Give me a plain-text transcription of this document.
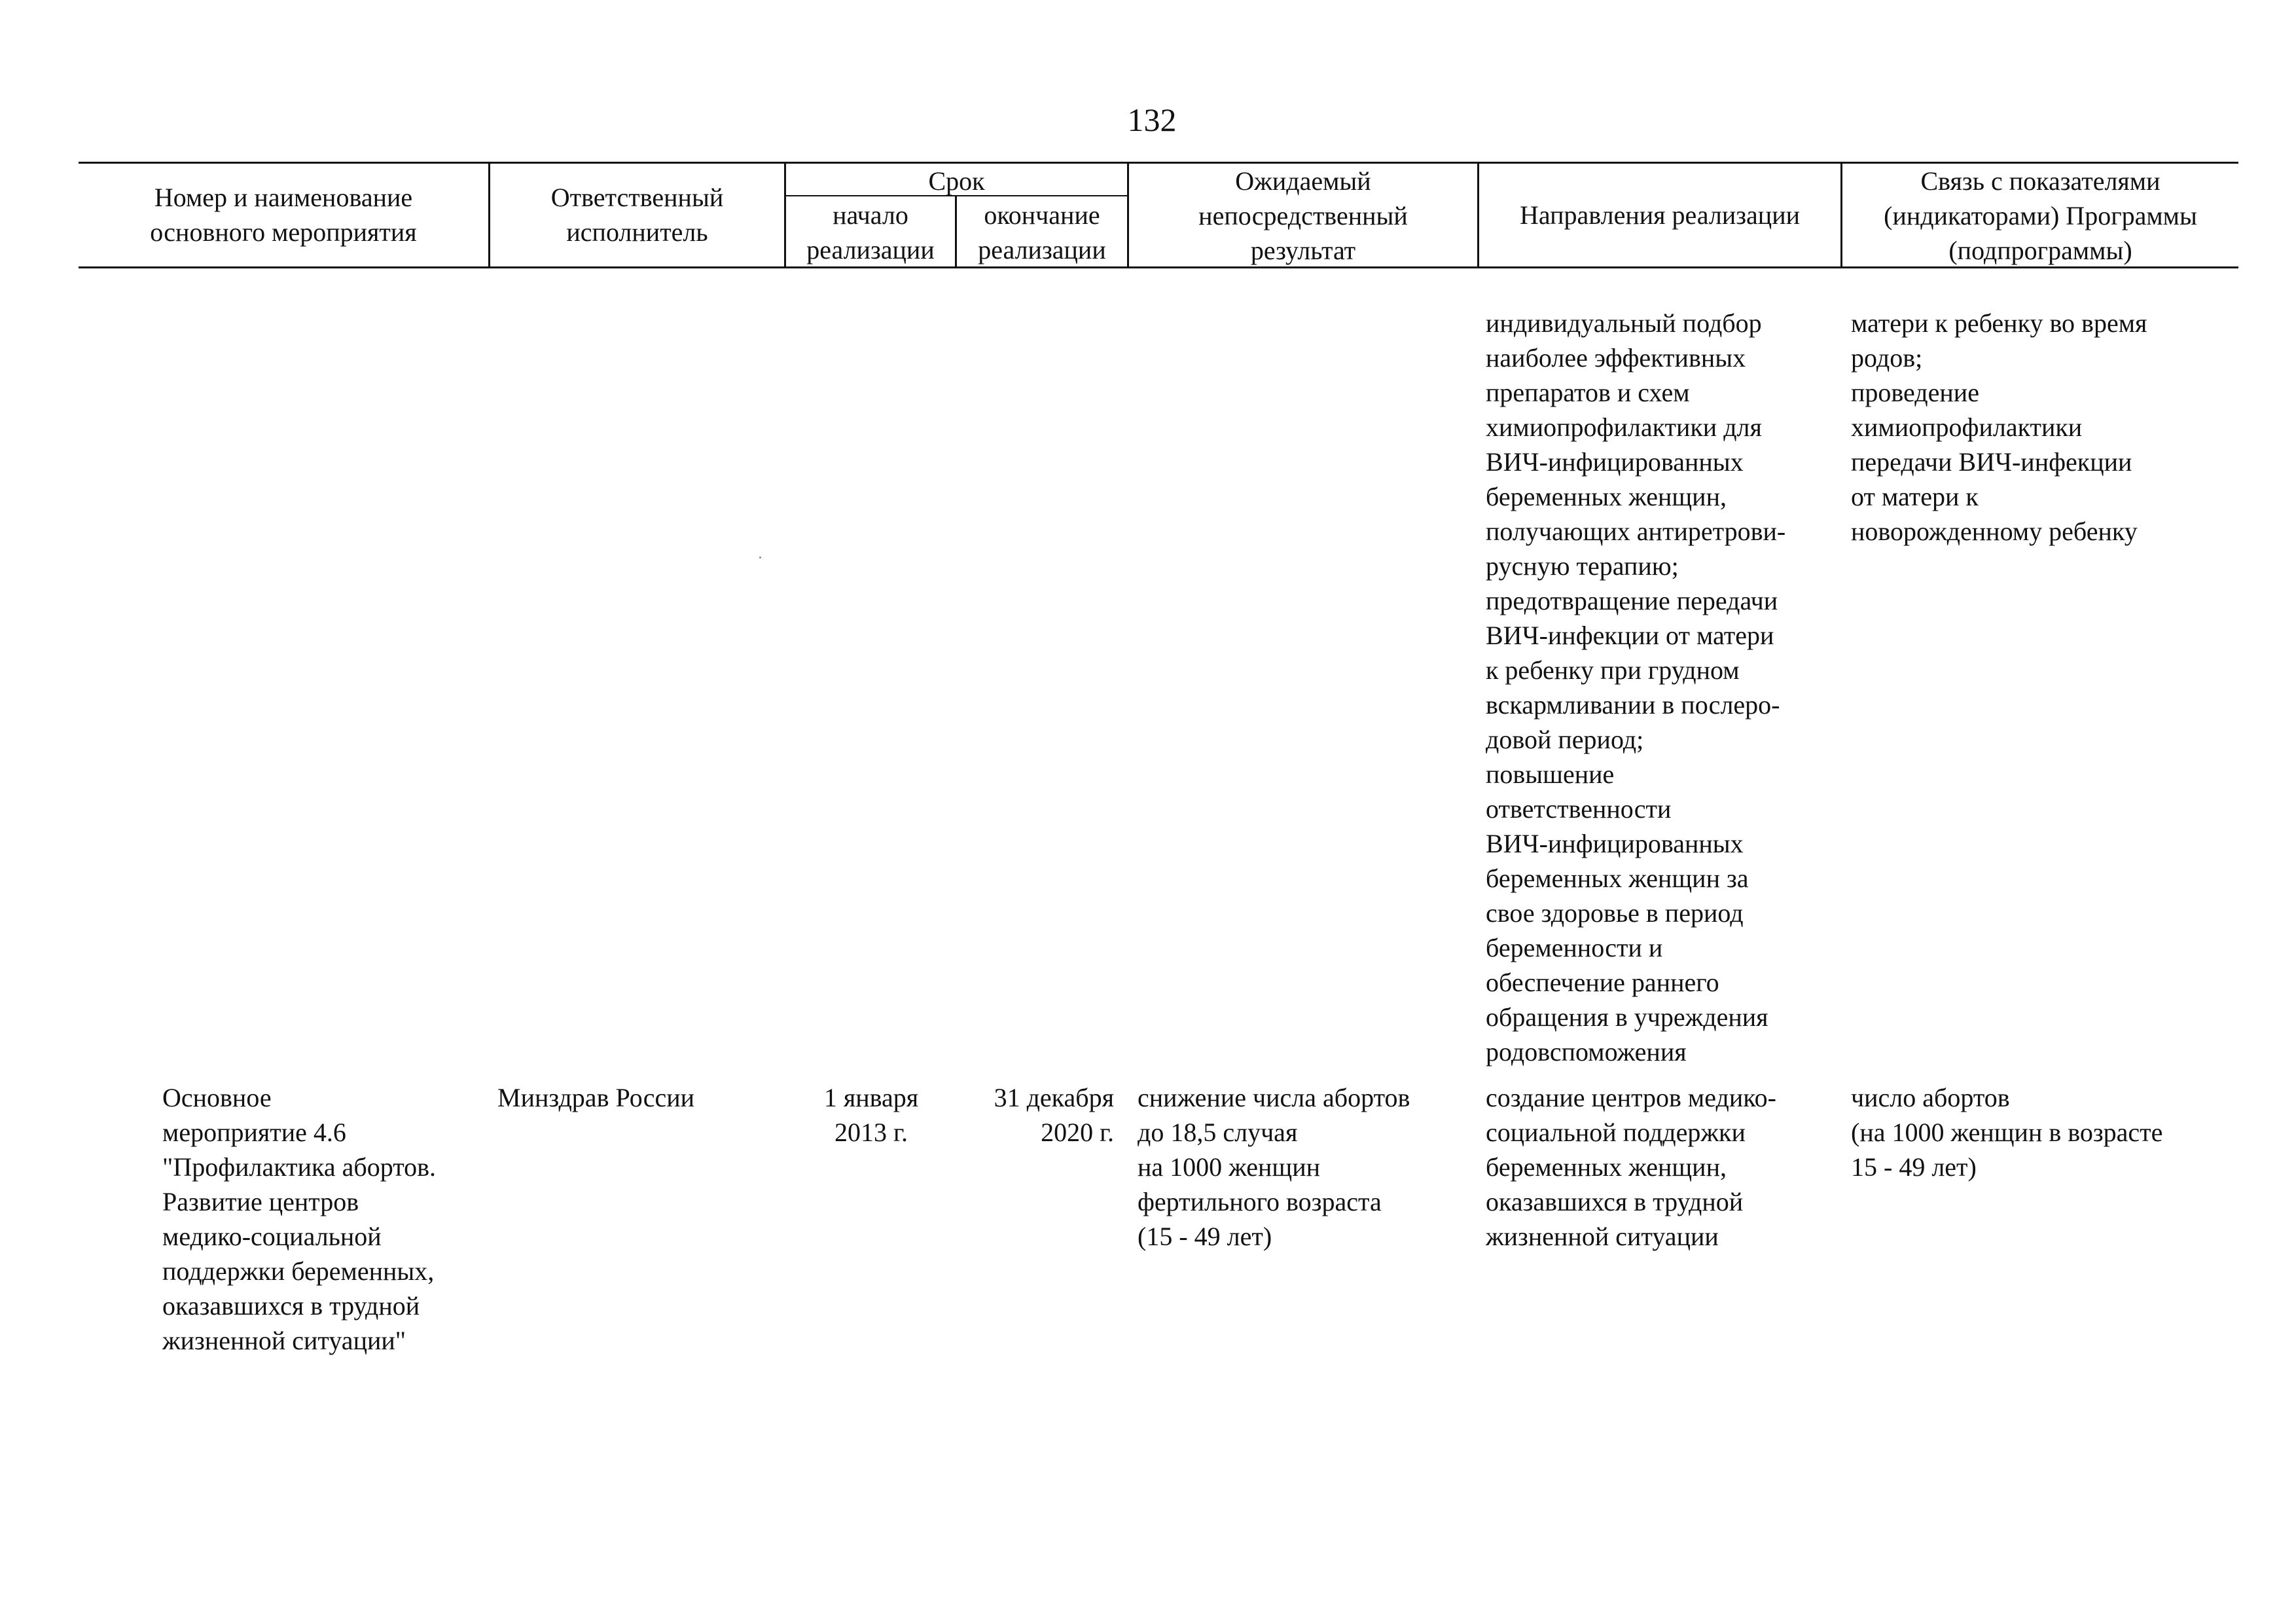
132
Номер и наименование
основного мероприятия
Ответственный
исполнитель
Срок
начало
реализации
окончание
реализации
Ожидаемый
непосредственный
результат
Направления реализации
Связь с показателями
(индикаторами) Программы
(подпрограммы)
индивидуальный подбор
наиболее эффективных
препаратов и схем
химиопрофилактики для
ВИЧ-инфицированных
беременных женщин,
получающих антиретрови-
русную терапию;
предотвращение передачи
ВИЧ-инфекции от матери
к ребенку при грудном
вскармливании в послеро-
довой период;
повышение
ответственности
ВИЧ-инфицированных
беременных женщин за
свое здоровье в период
беременности и
обеспечение раннего
обращения в учреждения
родовспоможения
матери к ребенку во время
родов;
проведение
химиопрофилактики
передачи ВИЧ-инфекции
от матери к
новорожденному ребенку
Основное
мероприятие 4.6
"Профилактика абортов.
Развитие центров
медико-социальной
поддержки беременных,
оказавшихся в трудной
жизненной ситуации"
Минздрав России	1 января
2013 г.
31 декабря
2020 г.
снижение числа абортов
до 18,5 случая
на 1000 женщин
фертильного возраста
(15 - 49 лет)
создание центров медико-
социальной поддержки
беременных женщин,
оказавшихся в трудной
жизненной ситуации
число абортов
(на 1000 женщин в возрасте
15 - 49 лет)
